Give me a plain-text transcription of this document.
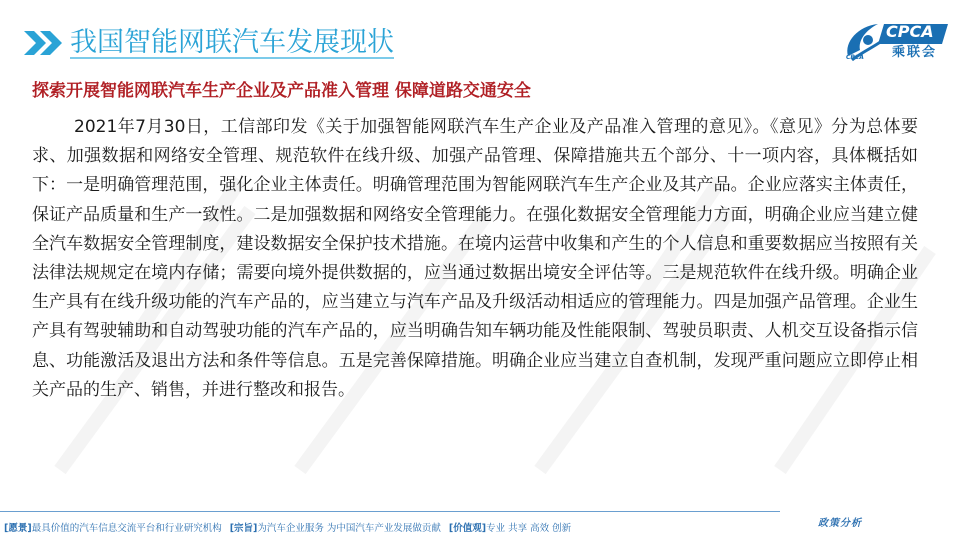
我国智能网联汽车发展现状	CPCA
乘联会
CPCA
探索开展智能网联汽车生产企业及产品准入管理 保障道路交通安全

2021年7月30日，工信部印发《关于加强智能网联汽车生产企业及产品准入管理的意见》。《意见》分为总体要求、加强数据和网络安全管理、规范软件在线升级、加强产品管理、保障措施共五个部分、十一项内容，具体概括如下：一是明确管理范围，强化企业主体责任。明确管理范围为智能网联汽车生产企业及其产品。企业应落实主体责任，保证产品质量和生产一致性。二是加强数据和网络安全管理能力。在强化数据安全管理能力方面，明确企业应当建立健全汽车数据安全管理制度，建设数据安全保护技术措施。在境内运营中收集和产生的个人信息和重要数据应当按照有关法律法规规定在境内存储；需要向境外提供数据的，应当通过数据出境安全评估等。三是规范软件在线升级。明确企业生产具有在线升级功能的汽车产品的，应当建立与汽车产品及升级活动相适应的管理能力。四是加强产品管理。企业生产具有驾驶辅助和自动驾驶功能的汽车产品的，应当明确告知车辆功能及性能限制、驾驶员职责、人机交互设备指示信息、功能激活及退出方法和条件等信息。五是完善保障措施。明确企业应当建立自查机制，发现严重问题应立即停止相关产品的生产、销售，并进行整改和报告。

[愿景]最具价值的汽车信息交流平台和行业研究机构 [宗旨]为汽车企业服务 为中国汽车产业发展做贡献 [价值观]专业 共享 高效 创新	政策分析
